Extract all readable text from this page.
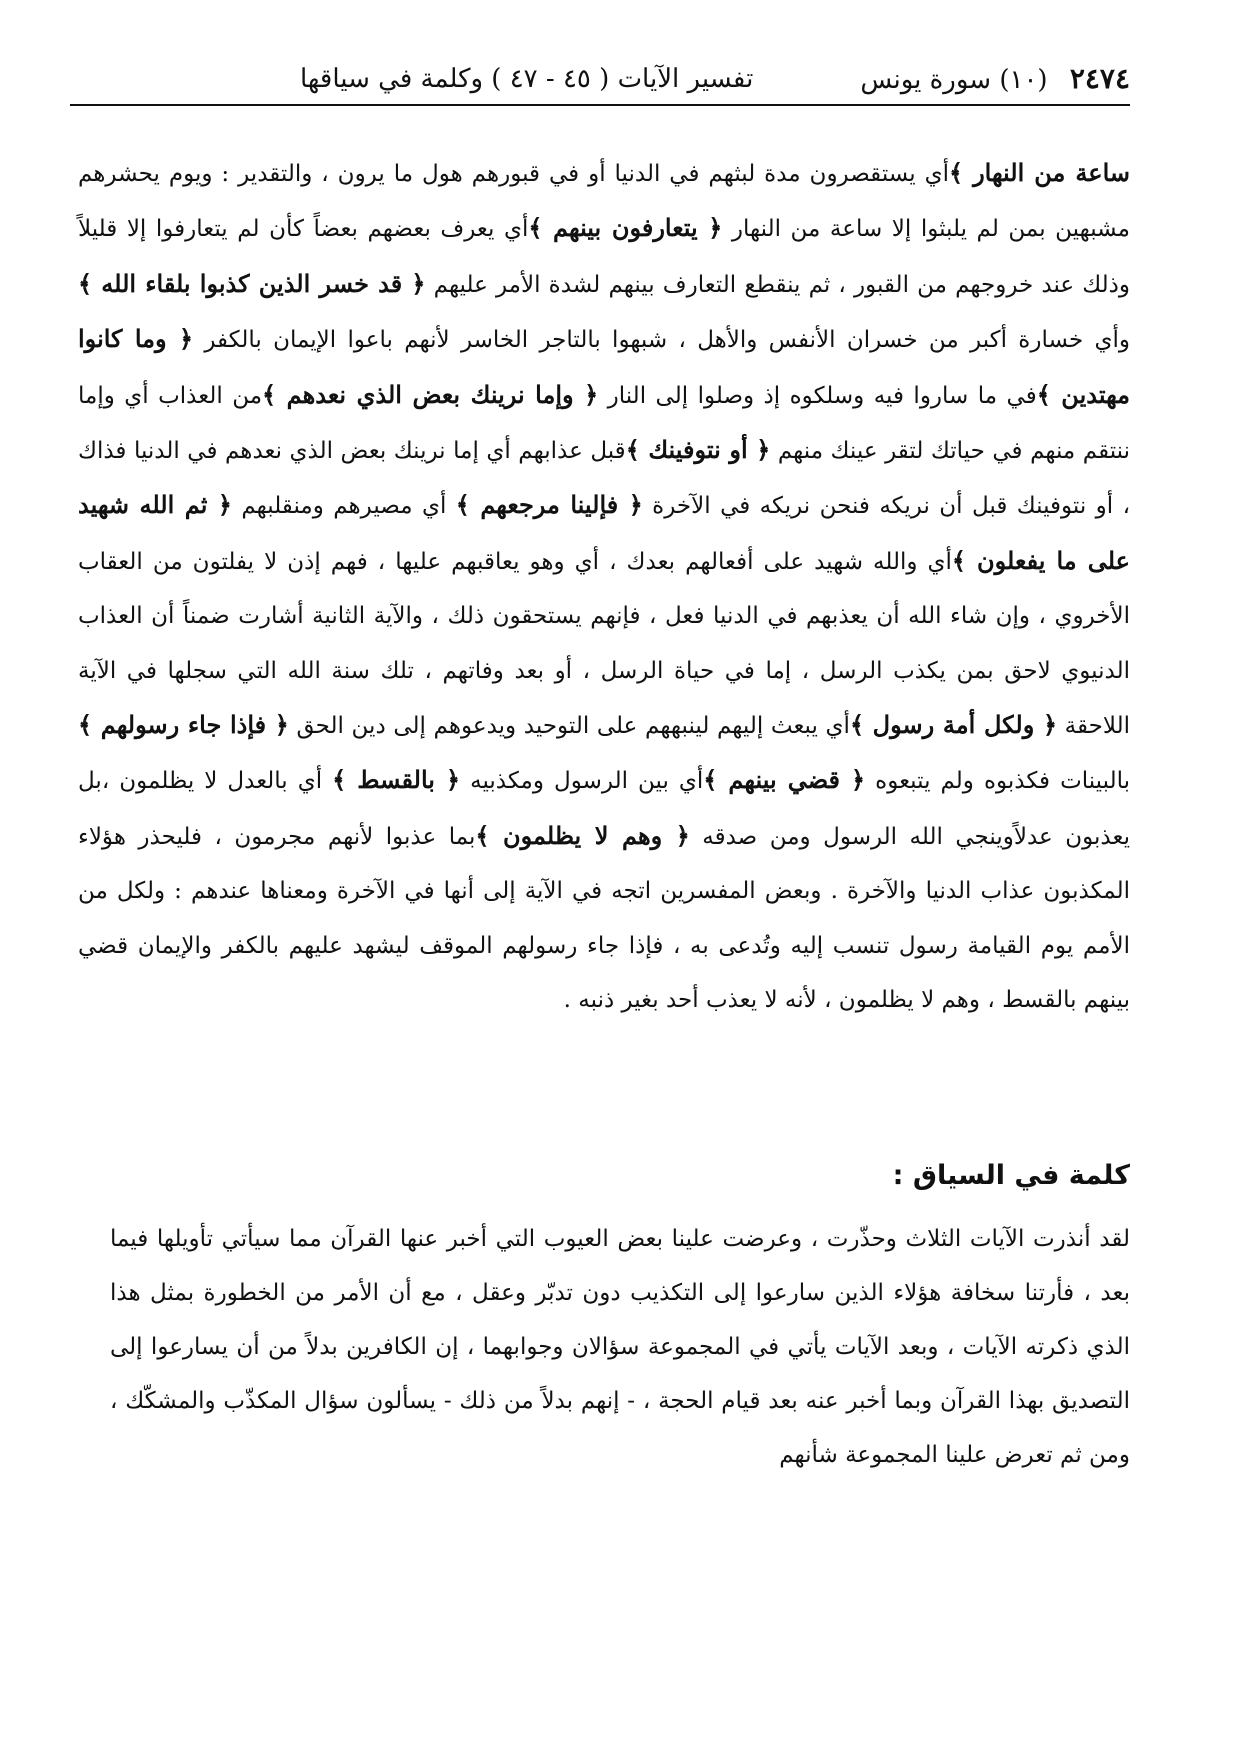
٢٤٧٤ (١٠) سورة يونس
تفسير الآيات ( ٤٥ - ٤٧ ) وكلمة في سياقها

ساعة من النهار ﴾أي يستقصرون مدة لبثهم في الدنيا أو في قبورهم هول ما يرون ، والتقدير : ويوم يحشرهم مشبهين بمن لم يلبثوا إلا ساعة من النهار ﴿ يتعارفون بينهم ﴾أي يعرف بعضهم بعضاً كأن لم يتعارفوا إلا قليلاً وذلك عند خروجهم من القبور ، ثم ينقطع التعارف بينهم لشدة الأمر عليهم ﴿ قد خسر الذين كذبوا بلقاء الله ﴾وأي خسارة أكبر من خسران الأنفس والأهل ، شبهوا بالتاجر الخاسر لأنهم باعوا الإيمان بالكفر ﴿ وما كانوا مهتدين ﴾في ما ساروا فيه وسلكوه إذ وصلوا إلى النار ﴿ وإما نرينك بعض الذي نعدهم ﴾من العذاب أي وإما ننتقم منهم في حياتك لتقر عينك منهم ﴿ أو نتوفينك ﴾قبل عذابهم أي إما نرينك بعض الذي نعدهم في الدنيا فذاك ، أو نتوفينك قبل أن نريكه فنحن نريكه في الآخرة ﴿ فإلينا مرجعهم ﴾ أي مصيرهم ومنقلبهم ﴿ ثم الله شهيد على ما يفعلون ﴾أي والله شهيد على أفعالهم بعدك ، أي وهو يعاقبهم عليها ، فهم إذن لا يفلتون من العقاب الأخروي ، وإن شاء الله أن يعذبهم في الدنيا فعل ، فإنهم يستحقون ذلك ، والآية الثانية أشارت ضمناً أن العذاب الدنيوي لاحق بمن يكذب الرسل ، إما في حياة الرسل ، أو بعد وفاتهم ، تلك سنة الله التي سجلها في الآية اللاحقة ﴿ ولكل أمة رسول ﴾أي يبعث إليهم لينبههم على التوحيد ويدعوهم إلى دين الحق ﴿ فإذا جاء رسولهم ﴾ بالبينات فكذبوه ولم يتبعوه ﴿ قضي بينهم ﴾أي بين الرسول ومكذبيه ﴿ بالقسط ﴾ أي بالعدل لا يظلمون ،بل يعذبون عدلاًوينجي الله الرسول ومن صدقه ﴿ وهم لا يظلمون ﴾بما عذبوا لأنهم مجرمون ، فليحذر هؤلاء المكذبون عذاب الدنيا والآخرة . وبعض المفسرين اتجه في الآية إلى أنها في الآخرة ومعناها عندهم : ولكل من الأمم يوم القيامة رسول تنسب إليه وتُدعى به ، فإذا جاء رسولهم الموقف ليشهد عليهم بالكفر والإيمان قضي بينهم بالقسط ، وهم لا يظلمون ، لأنه لا يعذب أحد بغير ذنبه .

كلمة في السياق :

لقد أنذرت الآيات الثلاث وحذّرت ، وعرضت علينا بعض العيوب التي أخبر عنها القرآن مما سيأتي تأويلها فيما بعد ، فأرتنا سخافة هؤلاء الذين سارعوا إلى التكذيب دون تدبّر وعقل ، مع أن الأمر من الخطورة بمثل هذا الذي ذكرته الآيات ، وبعد الآيات يأتي في المجموعة سؤالان وجوابهما ، إن الكافرين بدلاً من أن يسارعوا إلى التصديق بهذا القرآن وبما أخبر عنه بعد قيام الحجة ، - إنهم بدلاً من ذلك - يسألون سؤال المكذّب والمشكّك ، ومن ثم تعرض علينا المجموعة شأنهم
